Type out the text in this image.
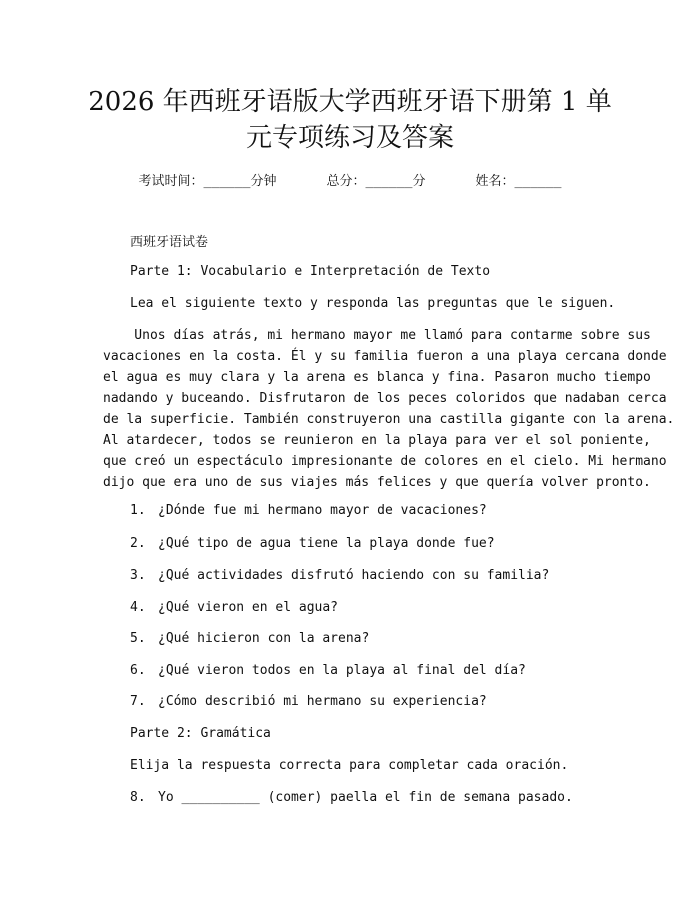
2026 年西班牙语版大学西班牙语下册第 1 单
元专项练习及答案
考试时间：______分钟	总分：______分	姓名：______
西班牙语试卷
Parte 1: Vocabulario e Interpretación de Texto
Lea el siguiente texto y responda las preguntas que le siguen.
Unos días atrás, mi hermano mayor me llamó para contarme sobre sus
vacaciones en la costa. Él y su familia fueron a una playa cercana donde
el agua es muy clara y la arena es blanca y fina. Pasaron mucho tiempo
nadando y buceando. Disfrutaron de los peces coloridos que nadaban cerca
de la superficie. También construyeron una castilla gigante con la arena.
Al atardecer, todos se reunieron en la playa para ver el sol poniente,
que creó un espectáculo impresionante de colores en el cielo. Mi hermano
dijo que era uno de sus viajes más felices y que quería volver pronto.
1. ¿Dónde fue mi hermano mayor de vacaciones?
2. ¿Qué tipo de agua tiene la playa donde fue?
3. ¿Qué actividades disfrutó haciendo con su familia?
4. ¿Qué vieron en el agua?
5. ¿Qué hicieron con la arena?
6. ¿Qué vieron todos en la playa al final del día?
7. ¿Cómo describió mi hermano su experiencia?
Parte 2: Gramática
Elija la respuesta correcta para completar cada oración.
8. Yo __________ (comer) paella el fin de semana pasado.
